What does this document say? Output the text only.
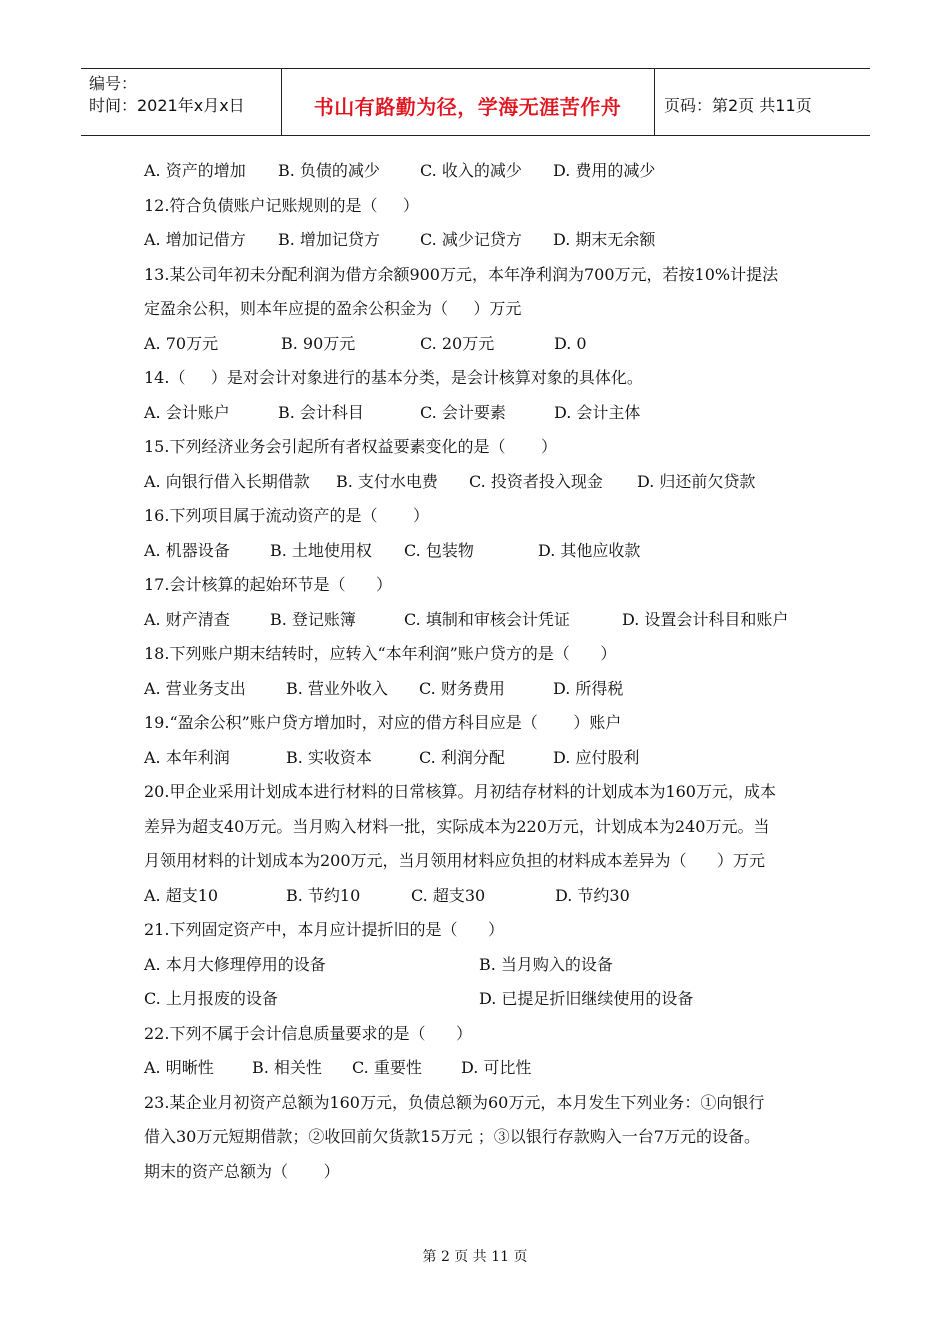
编号：
时间：2021年x月x日	书山有路勤为径，学海无涯苦作舟	页码：第2页 共11页
A. 资产的增加	B. 负债的减少	C. 收入的减少	D. 费用的减少
12.符合负债账户记账规则的是（     ）
A. 增加记借方	B. 增加记贷方	C. 减少记贷方	D. 期末无余额
13.某公司年初未分配利润为借方余额900万元，本年净利润为700万元，若按10%计提法
定盈余公积，则本年应提的盈余公积金为（     ）万元
A. 70万元	B. 90万元	C. 20万元	D. 0
14.（     ）是对会计对象进行的基本分类，是会计核算对象的具体化。
A. 会计账户	B. 会计科目	C. 会计要素	D. 会计主体
15.下列经济业务会引起所有者权益要素变化的是（       ）
A. 向银行借入长期借款	B. 支付水电费	C. 投资者投入现金	D. 归还前欠贷款
16.下列项目属于流动资产的是（       ）
A. 机器设备	B. 土地使用权	C. 包装物	D. 其他应收款
17.会计核算的起始环节是（      ）
A. 财产清查	B. 登记账簿	C. 填制和审核会计凭证	D. 设置会计科目和账户
18.下列账户期末结转时，应转入“本年利润”账户贷方的是（      ）
A. 营业务支出	B. 营业外收入	C. 财务费用	D. 所得税
19.“盈余公积”账户贷方增加时，对应的借方科目应是（       ）账户
A. 本年利润	B. 实收资本	C. 利润分配	D. 应付股利
20.甲企业采用计划成本进行材料的日常核算。月初结存材料的计划成本为160万元，成本
差异为超支40万元。当月购入材料一批，实际成本为220万元，计划成本为240万元。当
月领用材料的计划成本为200万元，当月领用材料应负担的材料成本差异为（      ）万元
A. 超支10	B. 节约10	C. 超支30	D. 节约30
21.下列固定资产中，本月应计提折旧的是（      ）
A. 本月大修理停用的设备	B. 当月购入的设备
C. 上月报废的设备	D. 已提足折旧继续使用的设备
22.下列不属于会计信息质量要求的是（      ）
A. 明晰性	B. 相关性	C. 重要性	D. 可比性
23.某企业月初资产总额为160万元，负债总额为60万元，本月发生下列业务：①向银行
借入30万元短期借款；②收回前欠货款15万元 ；③以银行存款购入一台7万元的设备。
期末的资产总额为（       ）
第 2 页 共 11 页
